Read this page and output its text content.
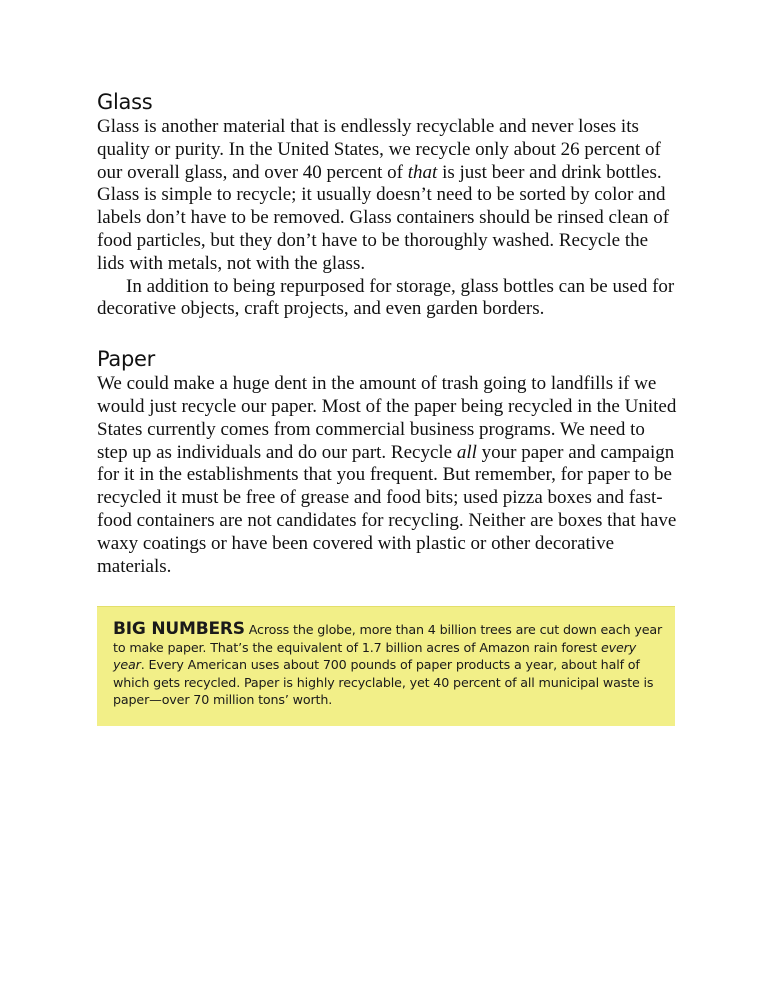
Glass

Glass is another material that is endlessly recyclable and never loses its quality or purity. In the United States, we recycle only about 26 percent of our overall glass, and over 40 percent of that is just beer and drink bottles. Glass is simple to recycle; it usually doesn’t need to be sorted by color and labels don’t have to be removed. Glass containers should be rinsed clean of food particles, but they don’t have to be thoroughly washed. Recycle the lids with metals, not with the glass.

In addition to being repurposed for storage, glass bottles can be used for decorative objects, craft projects, and even garden borders.

Paper

We could make a huge dent in the amount of trash going to landfills if we would just recycle our paper. Most of the paper being recycled in the United States currently comes from commercial business programs. We need to step up as individuals and do our part. Recycle all your paper and campaign for it in the establishments that you frequent. But remember, for paper to be recycled it must be free of grease and food bits; used pizza boxes and fast-food containers are not candidates for recycling. Neither are boxes that have waxy coatings or have been covered with plastic or other decorative materials.

BIG NUMBERS Across the globe, more than 4 billion trees are cut down each year to make paper. That’s the equivalent of 1.7 billion acres of Amazon rain forest every year. Every American uses about 700 pounds of paper products a year, about half of which gets recycled. Paper is highly recyclable, yet 40 percent of all municipal waste is paper—over 70 million tons’ worth.
